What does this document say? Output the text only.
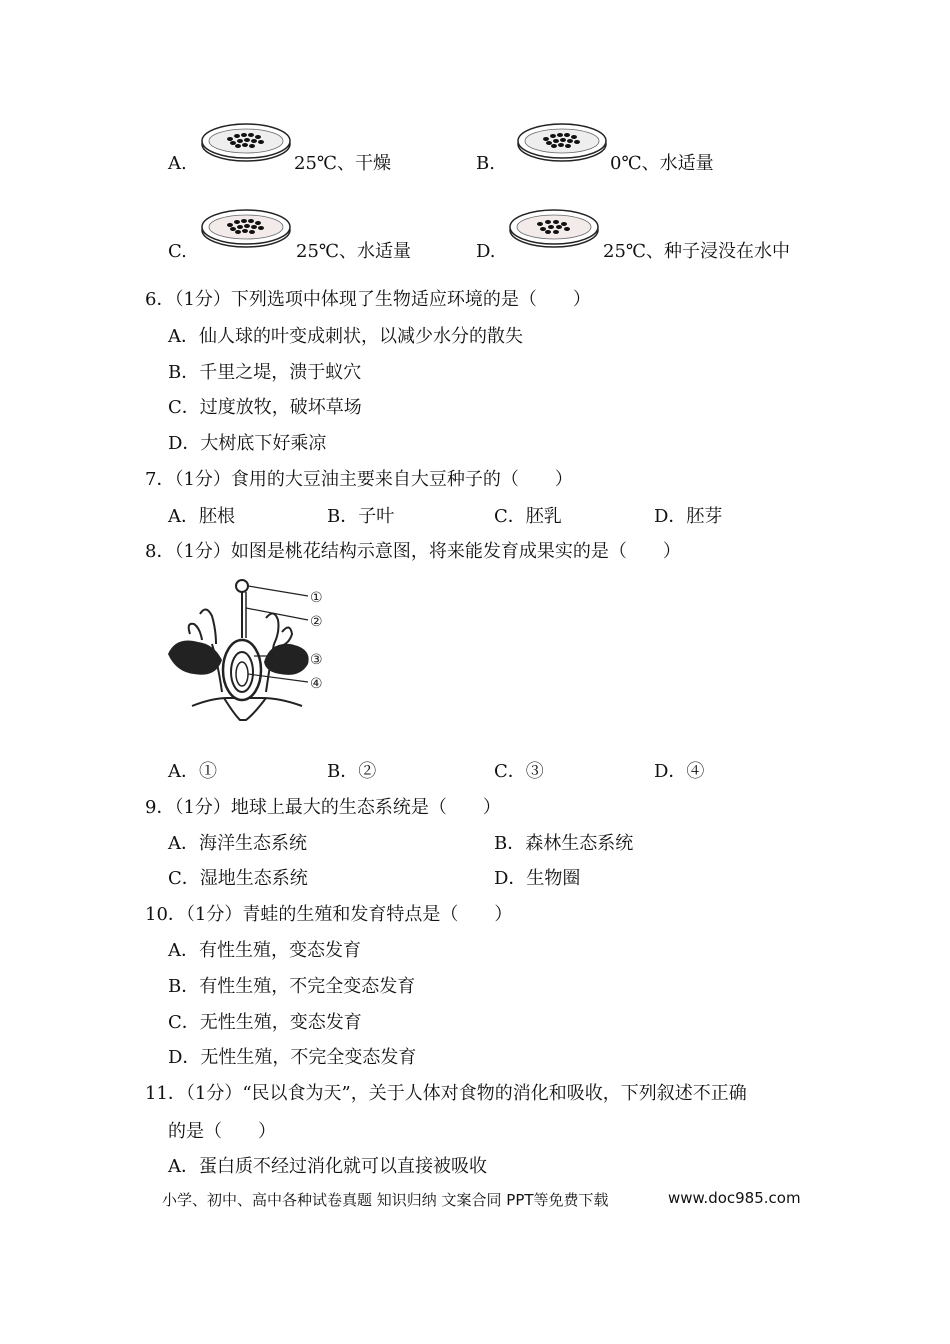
A.	25℃、干燥	B.	0℃、水适量
C.	25℃、水适量	D.	25℃、种子浸没在水中
6．（1分）下列选项中体现了生物适应环境的是（　　）
A．仙人球的叶变成刺状，以减少水分的散失
B．千里之堤，溃于蚁穴
C．过度放牧，破坏草场
D．大树底下好乘凉
7．（1分）食用的大豆油主要来自大豆种子的（　　）
A．胚根	B．子叶	C．胚乳	D．胚芽
8．（1分）如图是桃花结构示意图，将来能发育成果实的是（　　）
①
②
③
④
A．①	B．②	C．③	D．④
9．（1分）地球上最大的生态系统是（　　）
A．海洋生态系统	B．森林生态系统
C．湿地生态系统	D．生物圈
10．（1分）青蛙的生殖和发育特点是（　　）
A．有性生殖，变态发育
B．有性生殖，不完全变态发育
C．无性生殖，变态发育
D．无性生殖，不完全变态发育
11．（1分）“民以食为天”，关于人体对食物的消化和吸收，下列叙述不正确
的是（　　）
A．蛋白质不经过消化就可以直接被吸收
小学、初中、高中各种试卷真题 知识归纳 文案合同 PPT等免费下载	www.doc985.com
